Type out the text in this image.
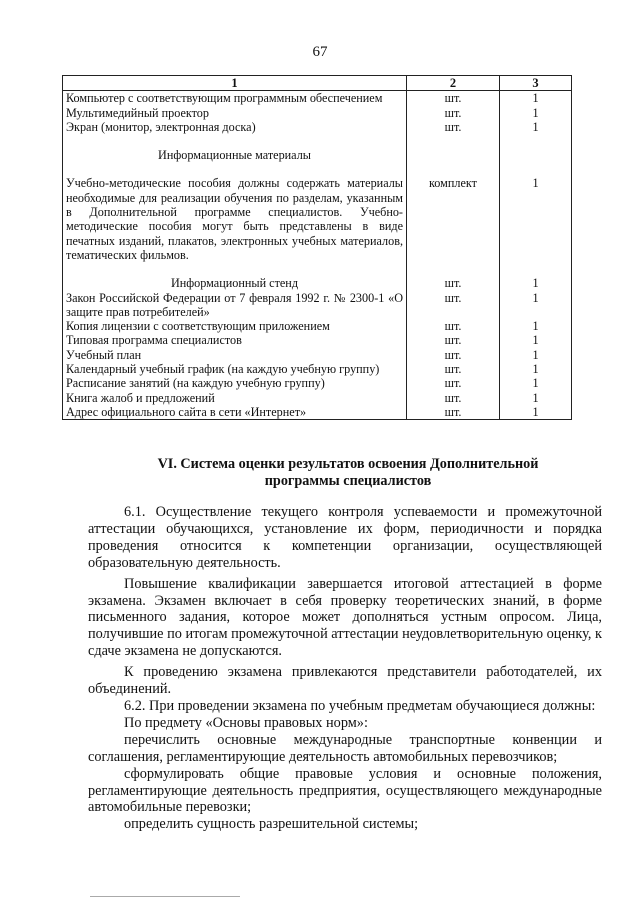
67
1	2	3
Компьютер с соответствующим программным обеспечением	шт.	1
Мультимедийный проектор	шт.	1
Экран (монитор, электронная доска)	шт.	1

Информационные материалы		

Учебно-методические пособия должны содержать материалы необходимые для реализации обучения по разделам, указанным в Дополнительной программе специалистов. Учебно-методические пособия могут быть представлены в виде печатных изданий, плакатов, электронных учебных материалов, тематических фильмов.	комплект	1

Информационный стенд	шт.	1
Закон Российской Федерации от 7 февраля 1992 г. № 2300-1 «О защите прав потребителей»	шт.	1
Копия лицензии с соответствующим приложением	шт.	1
Типовая программа специалистов	шт.	1
Учебный план	шт.	1
Календарный учебный график (на каждую учебную группу)	шт.	1
Расписание занятий (на каждую учебную группу)	шт.	1
Книга жалоб и предложений	шт.	1
Адрес официального сайта в сети «Интернет»	шт.	1
VI. Система оценки результатов освоения Дополнительной
программы специалистов

6.1. Осуществление текущего контроля успеваемости и промежуточной аттестации обучающихся, установление их форм, периодичности и порядка проведения относится к компетенции организации, осуществляющей образовательную деятельность.

Повышение квалификации завершается итоговой аттестацией в форме экзамена. Экзамен включает в себя проверку теоретических знаний, в форме письменного задания, которое может дополняться устным опросом. Лица, получившие по итогам промежуточной аттестации неудовлетворительную оценку, к сдаче экзамена не допускаются.

К проведению экзамена привлекаются представители работодателей, их объединений.

6.2. При проведении экзамена по учебным предметам обучающиеся должны:

По предмету «Основы правовых норм»:

перечислить основные международные транспортные конвенции и соглашения, регламентирующие деятельность автомобильных перевозчиков;

сформулировать общие правовые условия и основные положения, регламентирующие деятельность предприятия, осуществляющего международные автомобильные перевозки;

определить сущность разрешительной системы;
